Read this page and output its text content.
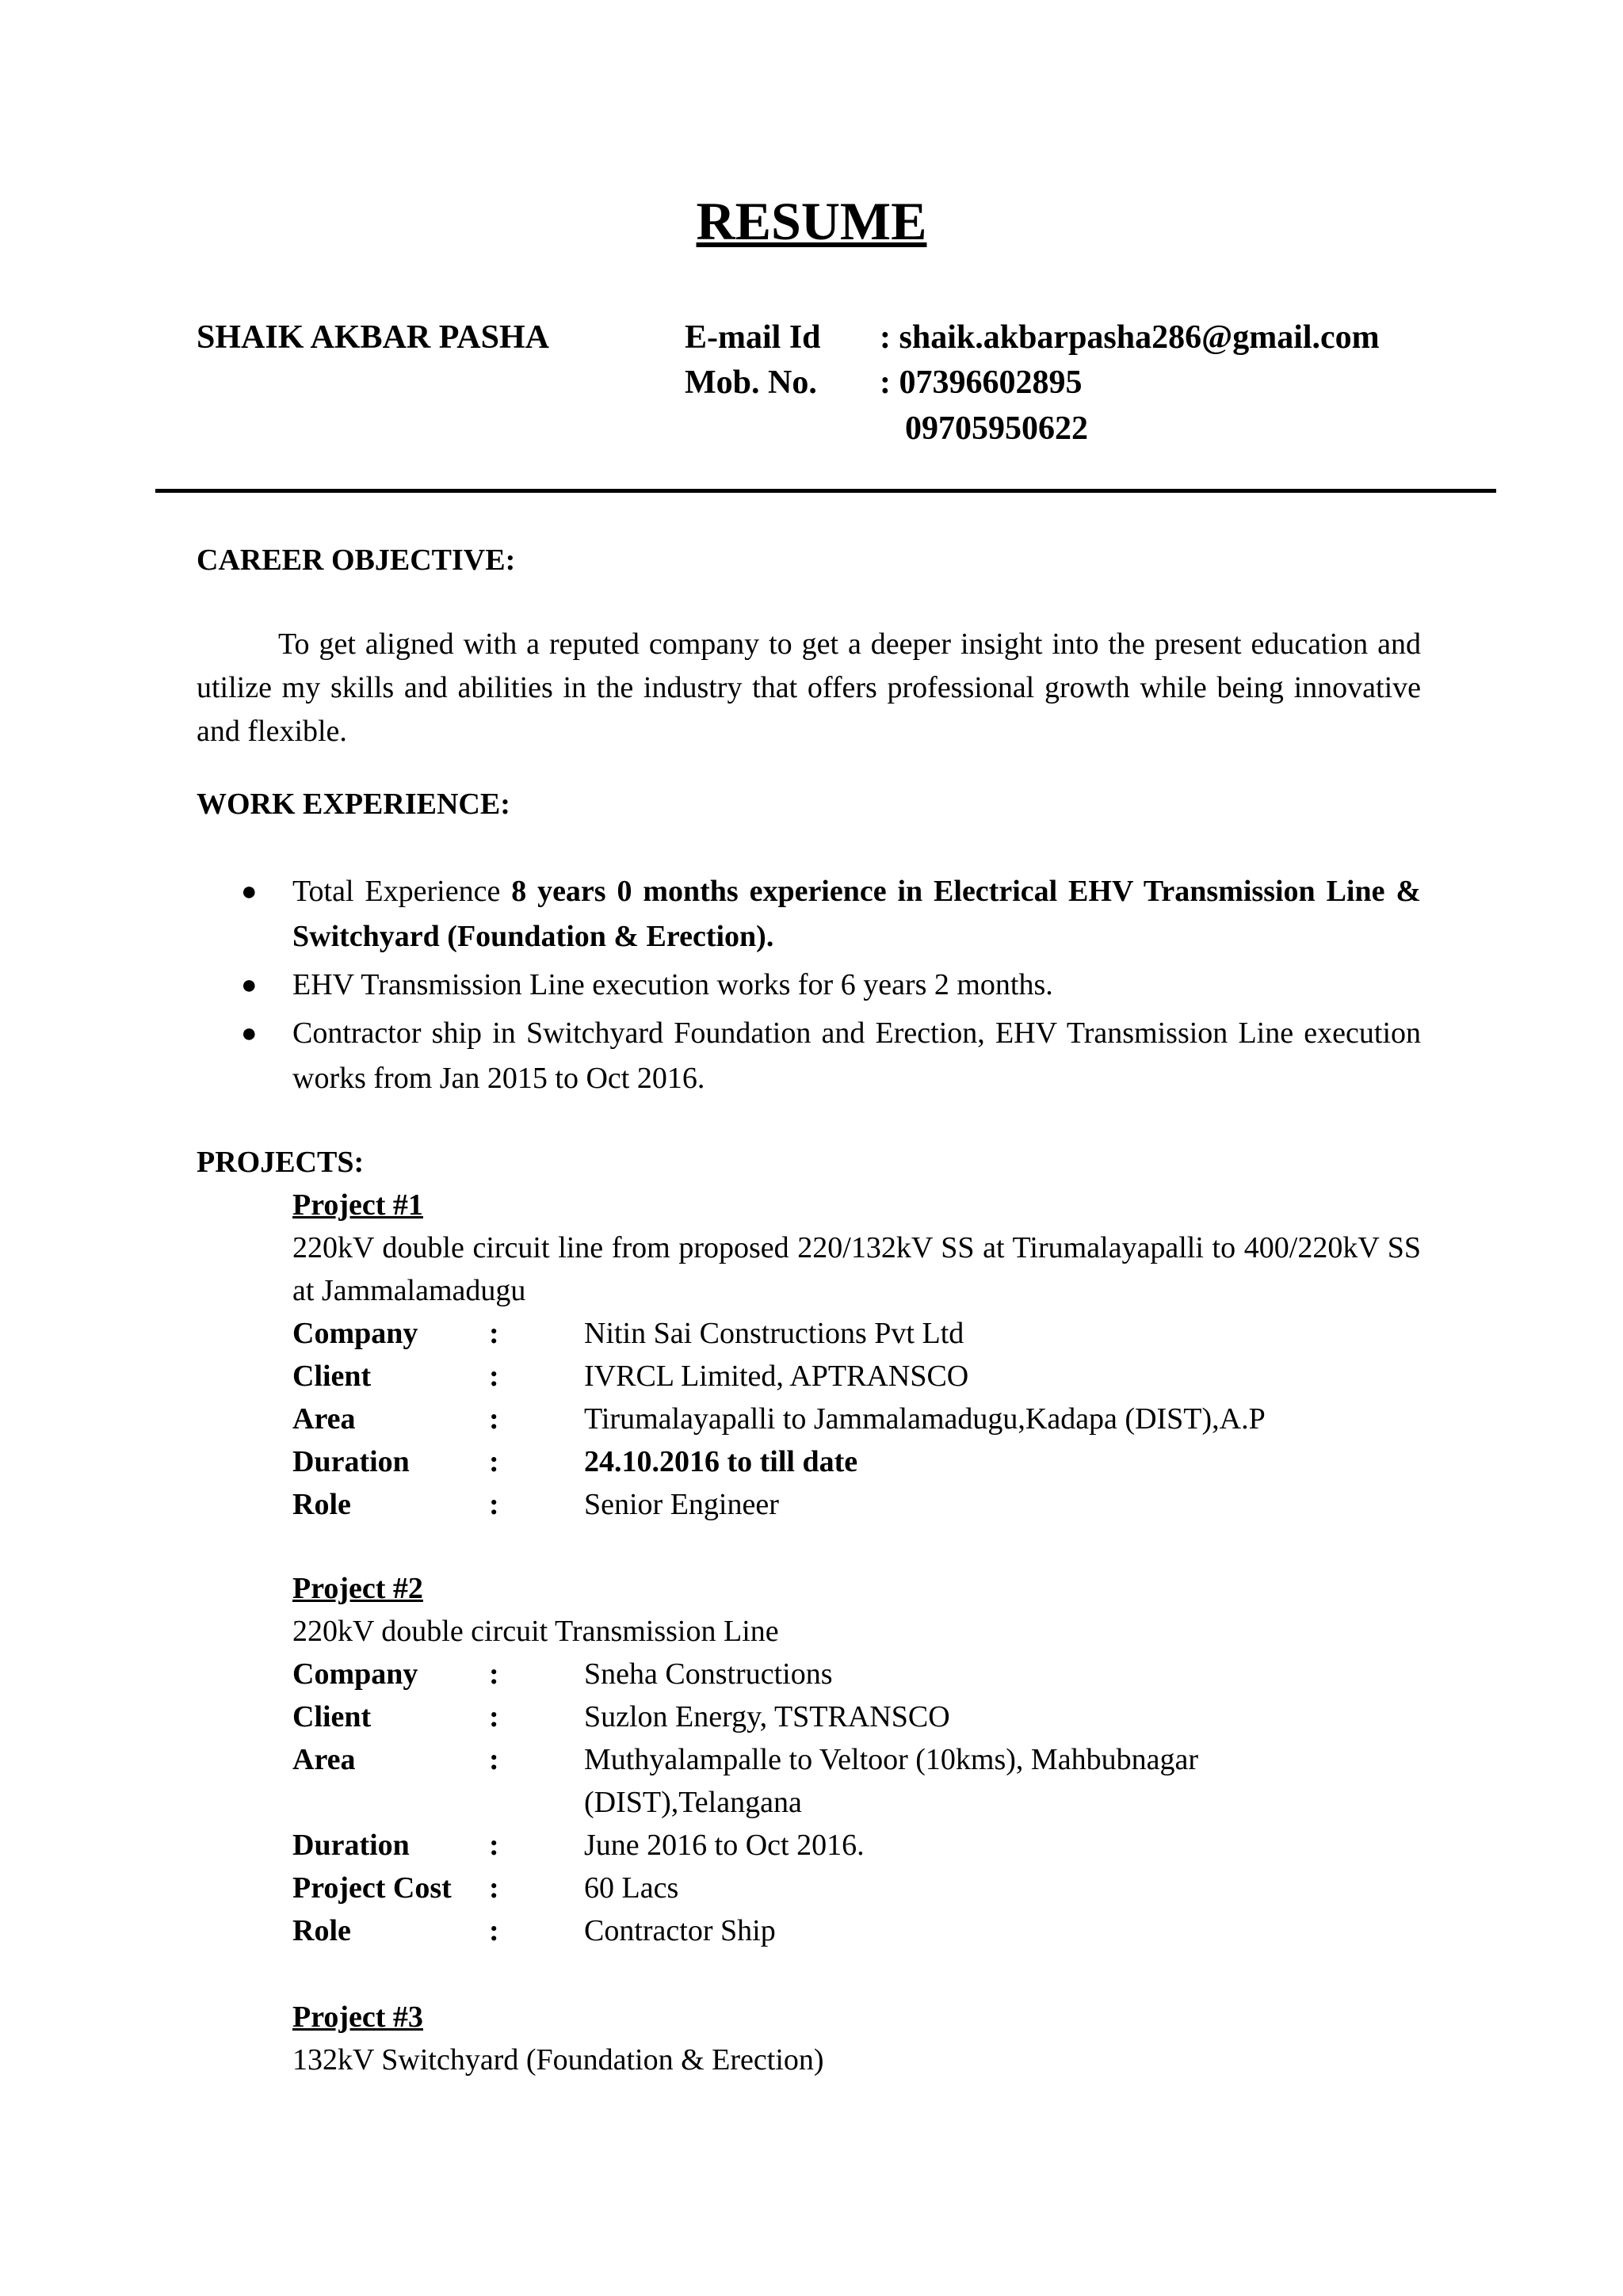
RESUME
SHAIK AKBAR PASHA	E-mail Id : shaik.akbarpasha286@gmail.com
Mob. No. : 07396602895
09705950622
CAREER OBJECTIVE:

To get aligned with a reputed company to get a deeper insight into the present education and utilize my skills and abilities in the industry that offers professional growth while being innovative and flexible.

WORK EXPERIENCE:
● Total Experience 8 years 0 months experience in Electrical EHV Transmission Line & Switchyard (Foundation & Erection).
● EHV Transmission Line execution works for 6 years 2 months.
● Contractor ship in Switchyard Foundation and Erection, EHV Transmission Line execution works from Jan 2015 to Oct 2016.
PROJECTS:

Project #1

220kV double circuit line from proposed 220/132kV SS at Tirumalayapalli to 400/220kV SS at Jammalamadugu

Company	:	Nitin Sai Constructions Pvt Ltd
Client	:	IVRCL Limited, APTRANSCO
Area	:	Tirumalayapalli to Jammalamadugu,Kadapa (DIST),A.P
Duration	:	24.10.2016 to till date
Role	:	Senior Engineer

Project #2

220kV double circuit Transmission Line

Company	:	Sneha Constructions
Client	:	Suzlon Energy, TSTRANSCO
Area	:	Muthyalampalle to Veltoor (10kms), Mahbubnagar (DIST),Telangana
Duration	:	June 2016 to Oct 2016.
Project Cost	:	60 Lacs
Role	:	Contractor Ship

Project #3

132kV Switchyard (Foundation & Erection)
